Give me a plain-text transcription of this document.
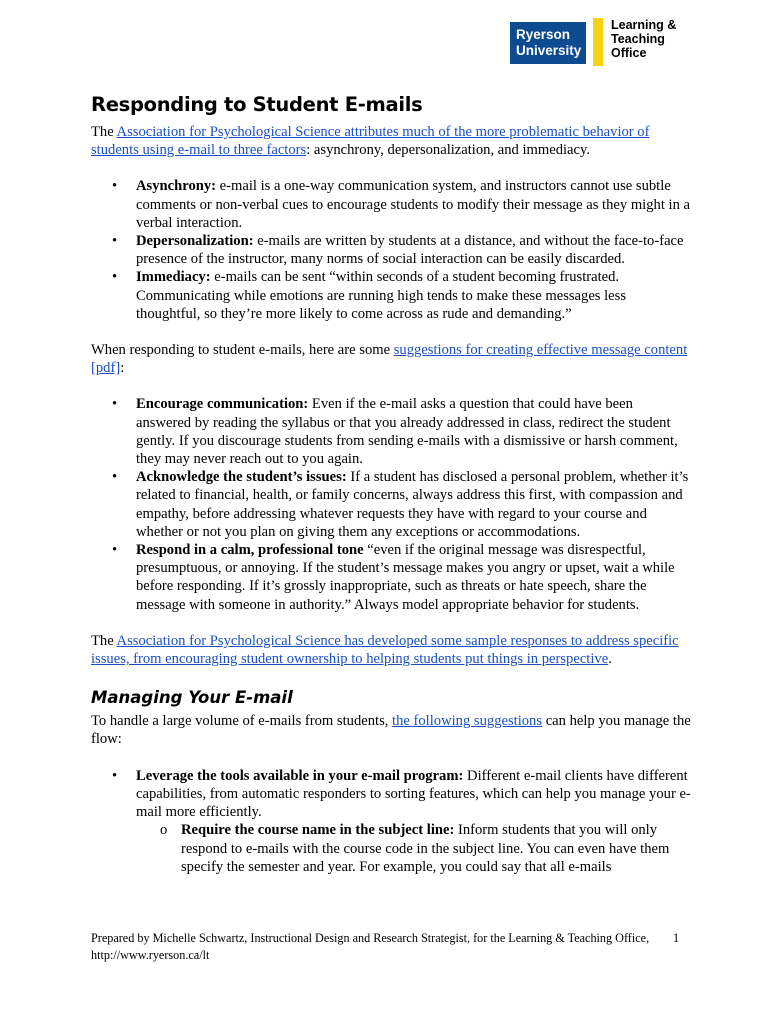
Ryerson
University
Learning &
Teaching
Office
Responding to Student E-mails

The Association for Psychological Science attributes much of the more problematic behavior of students using e-mail to three factors: asynchrony, depersonalization, and immediacy.

• Asynchrony: e-mail is a one-way communication system, and instructors cannot use subtle comments or non-verbal cues to encourage students to modify their message as they might in a verbal interaction.
• Depersonalization: e-mails are written by students at a distance, and without the face-to-face presence of the instructor, many norms of social interaction can be easily discarded.
• Immediacy: e-mails can be sent “within seconds of a student becoming frustrated. Communicating while emotions are running high tends to make these messages less thoughtful, so they’re more likely to come across as rude and demanding.”

When responding to student e-mails, here are some suggestions for creating effective message content [pdf]:

• Encourage communication: Even if the e-mail asks a question that could have been answered by reading the syllabus or that you already addressed in class, redirect the student gently. If you discourage students from sending e-mails with a dismissive or harsh comment, they may never reach out to you again.
• Acknowledge the student’s issues: If a student has disclosed a personal problem, whether it’s related to financial, health, or family concerns, always address this first, with compassion and empathy, before addressing whatever requests they have with regard to your course and whether or not you plan on giving them any exceptions or accommodations.
• Respond in a calm, professional tone “even if the original message was disrespectful, presumptuous, or annoying. If the student’s message makes you angry or upset, wait a while before responding. If it’s grossly inappropriate, such as threats or hate speech, share the message with someone in authority.” Always model appropriate behavior for students.

The Association for Psychological Science has developed some sample responses to address specific issues, from encouraging student ownership to helping students put things in perspective.

Managing Your E-mail

To handle a large volume of e-mails from students, the following suggestions can help you manage the flow:

• Leverage the tools available in your e-mail program: Different e-mail clients have different capabilities, from automatic responders to sorting features, which can help you manage your e-mail more efficiently.
o Require the course name in the subject line: Inform students that you will only respond to e-mails with the course code in the subject line. You can even have them specify the semester and year. For example, you could say that all e-mails
Prepared by Michelle Schwartz, Instructional Design and Research Strategist, for the Learning & Teaching Office, http://www.ryerson.ca/lt
1
